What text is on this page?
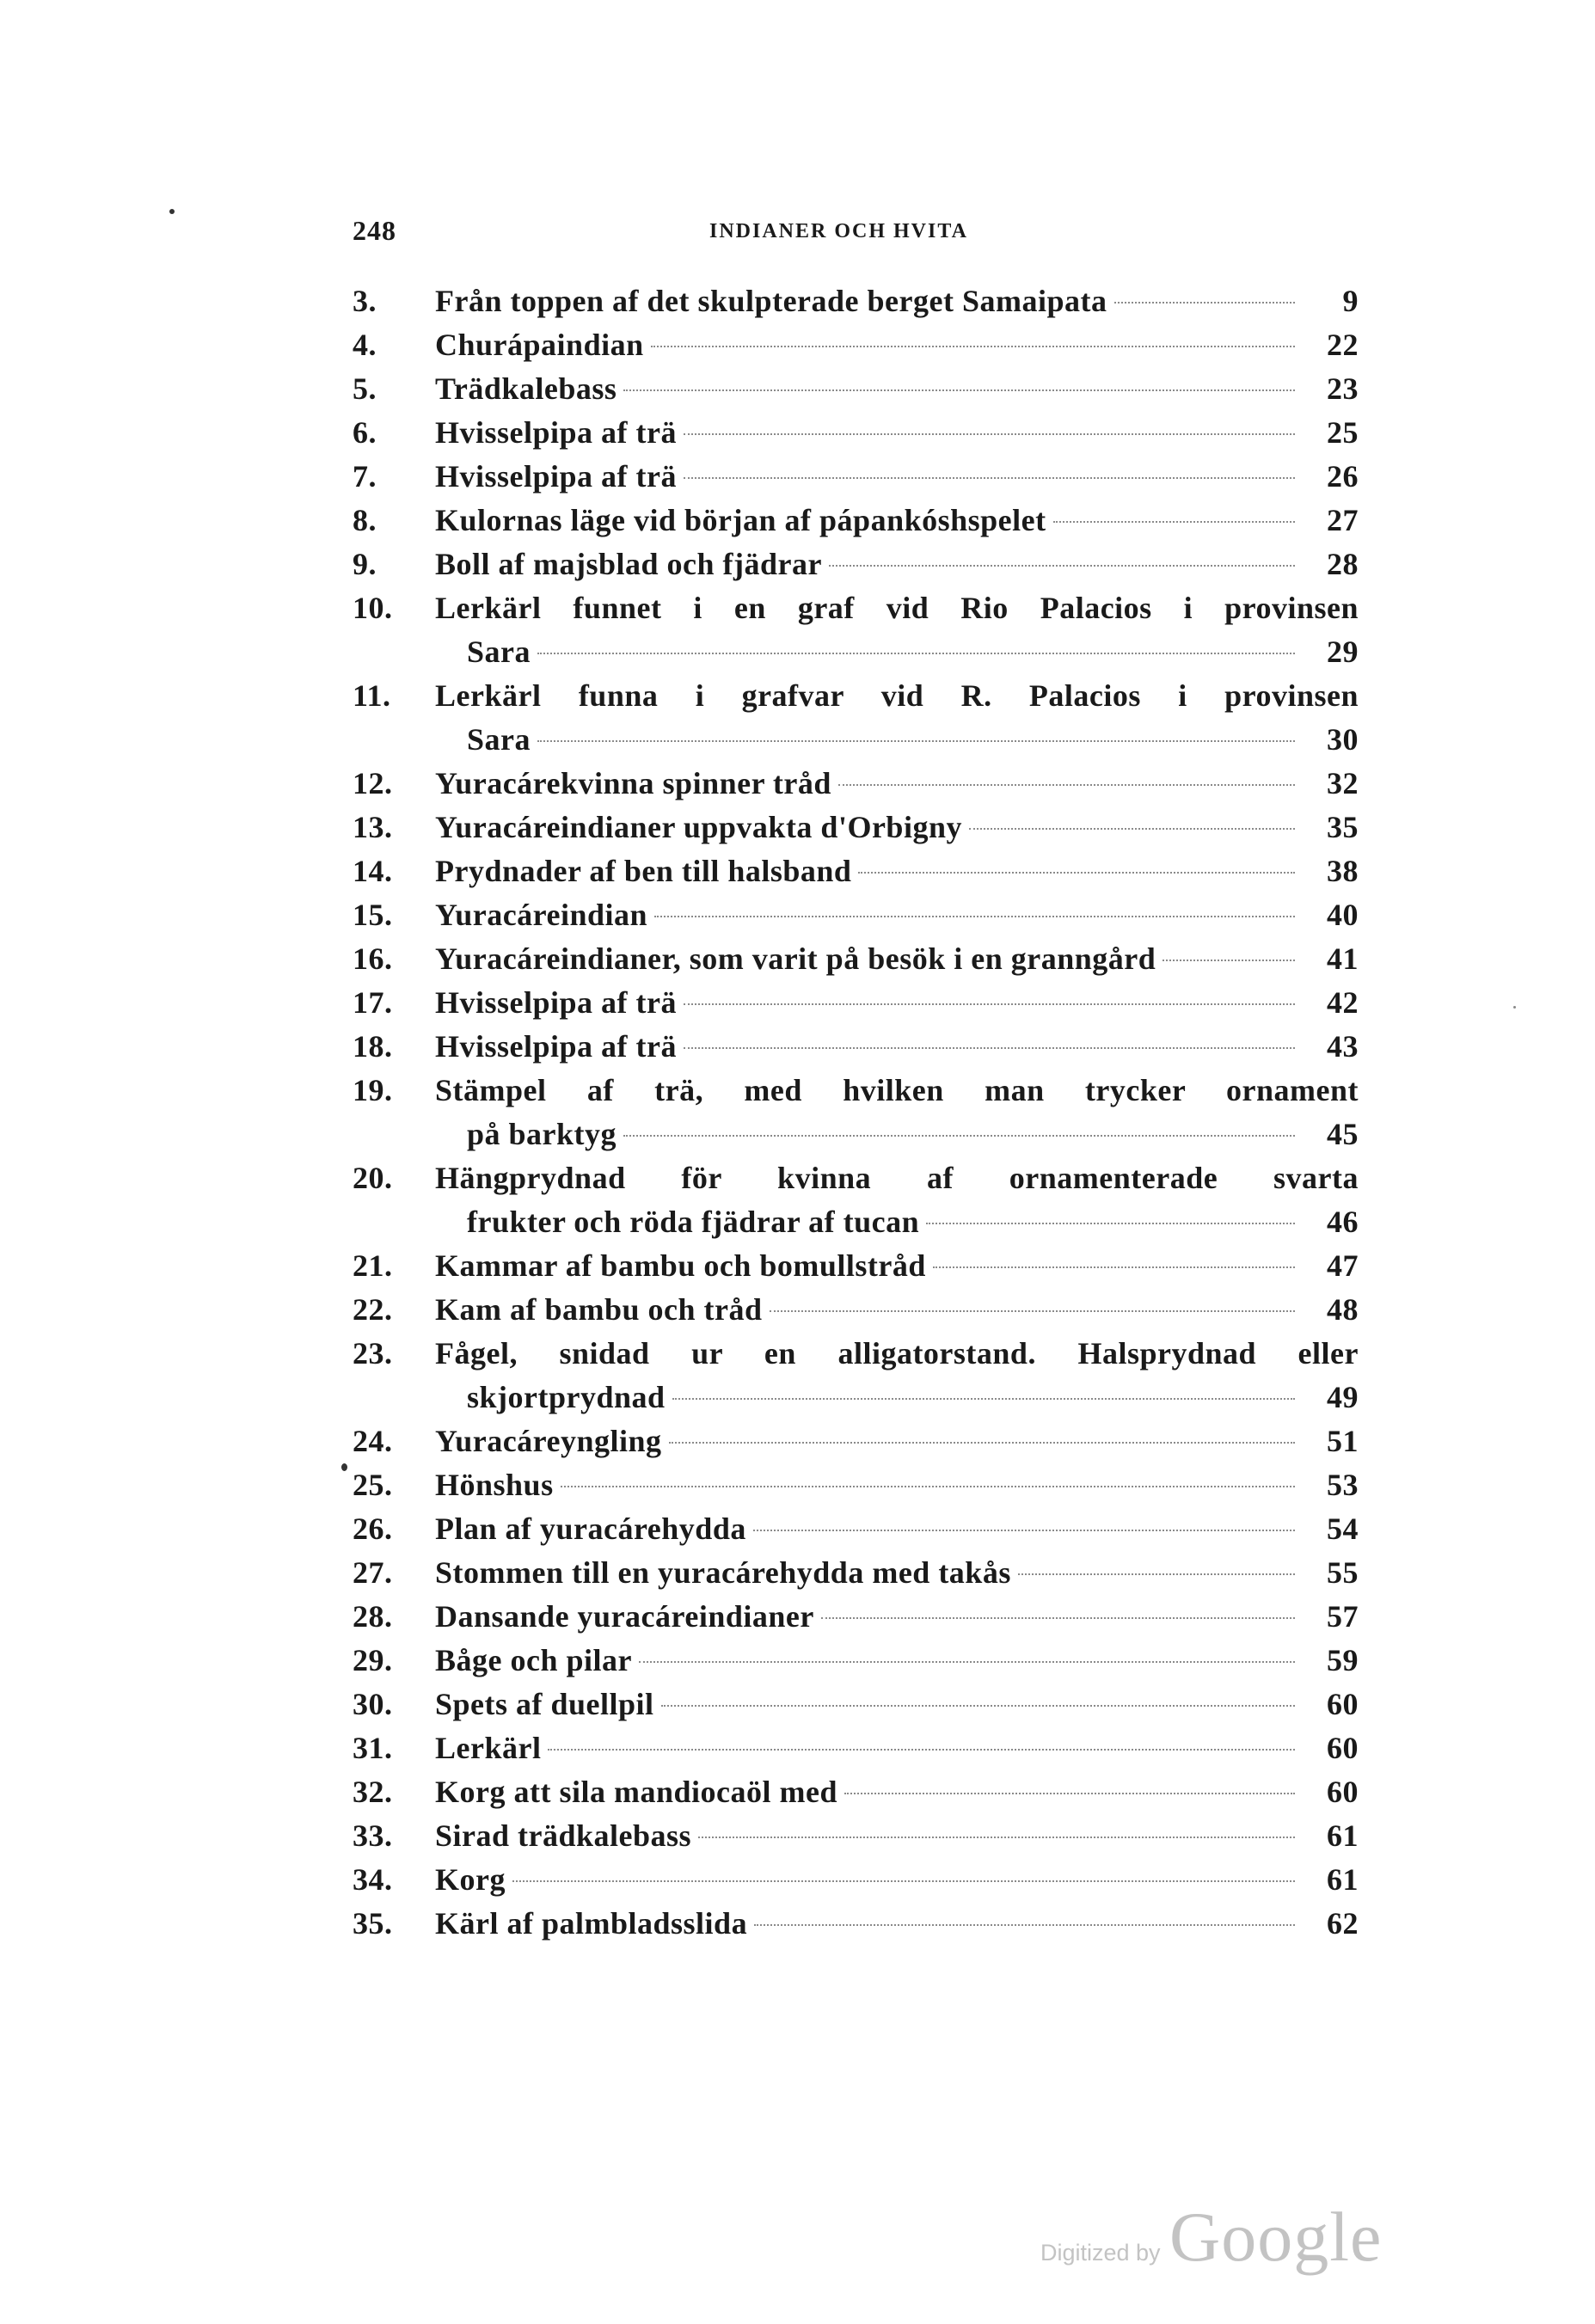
248	INDIANER OCH HVITA
3.	Från toppen af det skulpterade berget Samaipata	9
4.	Churápaindian	22
5.	Trädkalebass	23
6.	Hvisselpipa af trä	25
7.	Hvisselpipa af trä	26
8.	Kulornas läge vid början af pápankóshspelet	27
9.	Boll af majsblad och fjädrar	28
10.	Lerkärl funnet i en graf vid Rio Palacios i provinsen
Sara	29
11.	Lerkärl funna i grafvar vid R. Palacios i provinsen
Sara	30
12.	Yuracárekvinna spinner tråd	32
13.	Yuracáreindianer uppvakta d'Orbigny	35
14.	Prydnader af ben till halsband	38
15.	Yuracáreindian	40
16.	Yuracáreindianer, som varit på besök i en granngård	41
17.	Hvisselpipa af trä	42
18.	Hvisselpipa af trä	43
19.	Stämpel af trä, med hvilken man trycker ornament
på barktyg	45
20.	Hängprydnad för kvinna af ornamenterade svarta
frukter och röda fjädrar af tucan	46
21.	Kammar af bambu och bomullstråd	47
22.	Kam af bambu och tråd	48
23.	Fågel, snidad ur en alligatorstand. Halsprydnad eller
skjortprydnad	49
24.	Yuracáreyngling	51
25.	Hönshus	53
26.	Plan af yuracárehydda	54
27.	Stommen till en yuracárehydda med takås	55
28.	Dansande yuracáreindianer	57
29.	Båge och pilar	59
30.	Spets af duellpil	60
31.	Lerkärl	60
32.	Korg att sila mandiocaöl med	60
33.	Sirad trädkalebass	61
34.	Korg	61
35.	Kärl af palmbladsslida	62
Digitized by Google
